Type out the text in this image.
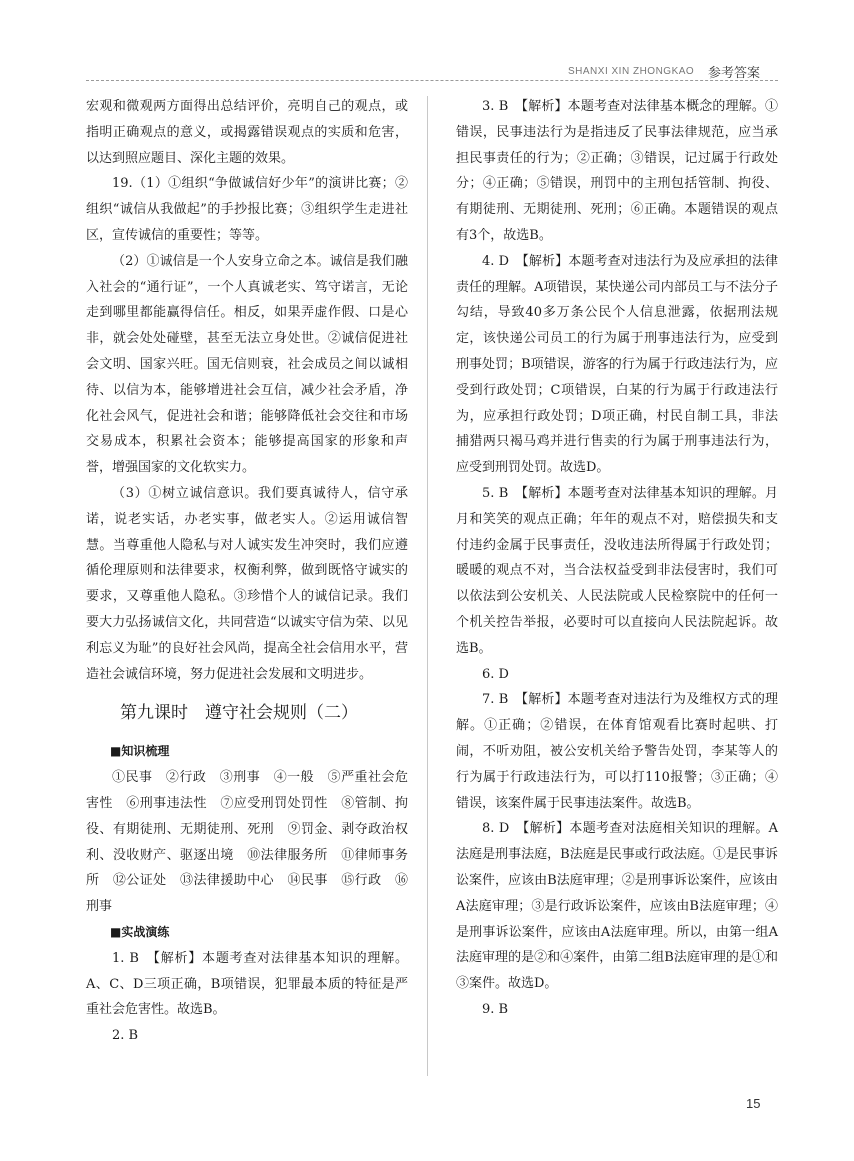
SHANXI XIN ZHONGKAO 参考答案

宏观和微观两方面得出总结评价，亮明自己的观点，或指明正确观点的意义，或揭露错误观点的实质和危害，以达到照应题目、深化主题的效果。

19.（1）①组织“争做诚信好少年”的演讲比赛；②组织“诚信从我做起”的手抄报比赛；③组织学生走进社区，宣传诚信的重要性；等等。

（2）①诚信是一个人安身立命之本。诚信是我们融入社会的“通行证”，一个人真诚老实、笃守诺言，无论走到哪里都能赢得信任。相反，如果弄虚作假、口是心非，就会处处碰壁，甚至无法立身处世。②诚信促进社会文明、国家兴旺。国无信则衰，社会成员之间以诚相待、以信为本，能够增进社会互信，减少社会矛盾，净化社会风气，促进社会和谐；能够降低社会交往和市场交易成本，积累社会资本；能够提高国家的形象和声誉，增强国家的文化软实力。

（3）①树立诚信意识。我们要真诚待人，信守承诺，说老实话，办老实事，做老实人。②运用诚信智慧。当尊重他人隐私与对人诚实发生冲突时，我们应遵循伦理原则和法律要求，权衡利弊，做到既恪守诚实的要求，又尊重他人隐私。③珍惜个人的诚信记录。我们要大力弘扬诚信文化，共同营造“以诚实守信为荣、以见利忘义为耻”的良好社会风尚，提高全社会信用水平，营造社会诚信环境，努力促进社会发展和文明进步。

第九课时　遵守社会规则（二）

■知识梳理

①民事　②行政　③刑事　④一般　⑤严重社会危害性　⑥刑事违法性　⑦应受刑罚处罚性　⑧管制、拘役、有期徒刑、无期徒刑、死刑　⑨罚金、剥夺政治权利、没收财产、驱逐出境　⑩法律服务所　⑪律师事务所　⑫公证处　⑬法律援助中心　⑭民事　⑮行政　⑯刑事

■实战演练

1. B　【解析】本题考查对法律基本知识的理解。A、C、D三项正确，B项错误，犯罪最本质的特征是严重社会危害性。故选B。

2. B

3. B　【解析】本题考查对法律基本概念的理解。①错误，民事违法行为是指违反了民事法律规范，应当承担民事责任的行为；②正确；③错误，记过属于行政处分；④正确；⑤错误，刑罚中的主刑包括管制、拘役、有期徒刑、无期徒刑、死刑；⑥正确。本题错误的观点有3个，故选B。

4. D　【解析】本题考查对违法行为及应承担的法律责任的理解。A项错误，某快递公司内部员工与不法分子勾结，导致40多万条公民个人信息泄露，依据刑法规定，该快递公司员工的行为属于刑事违法行为，应受到刑事处罚；B项错误，游客的行为属于行政违法行为，应受到行政处罚；C项错误，白某的行为属于行政违法行为，应承担行政处罚；D项正确，村民自制工具，非法捕猎两只褐马鸡并进行售卖的行为属于刑事违法行为，应受到刑罚处罚。故选D。

5. B　【解析】本题考查对法律基本知识的理解。月月和笑笑的观点正确；年年的观点不对，赔偿损失和支付违约金属于民事责任，没收违法所得属于行政处罚；暖暖的观点不对，当合法权益受到非法侵害时，我们可以依法到公安机关、人民法院或人民检察院中的任何一个机关控告举报，必要时可以直接向人民法院起诉。故选B。

6. D

7. B　【解析】本题考查对违法行为及维权方式的理解。①正确；②错误，在体育馆观看比赛时起哄、打闹，不听劝阻，被公安机关给予警告处罚，李某等人的行为属于行政违法行为，可以打110报警；③正确；④错误，该案件属于民事违法案件。故选B。

8. D　【解析】本题考查对法庭相关知识的理解。A法庭是刑事法庭，B法庭是民事或行政法庭。①是民事诉讼案件，应该由B法庭审理；②是刑事诉讼案件，应该由A法庭审理；③是行政诉讼案件，应该由B法庭审理；④是刑事诉讼案件，应该由A法庭审理。所以，由第一组A法庭审理的是②和④案件，由第二组B法庭审理的是①和③案件。故选D。

9. B

15
